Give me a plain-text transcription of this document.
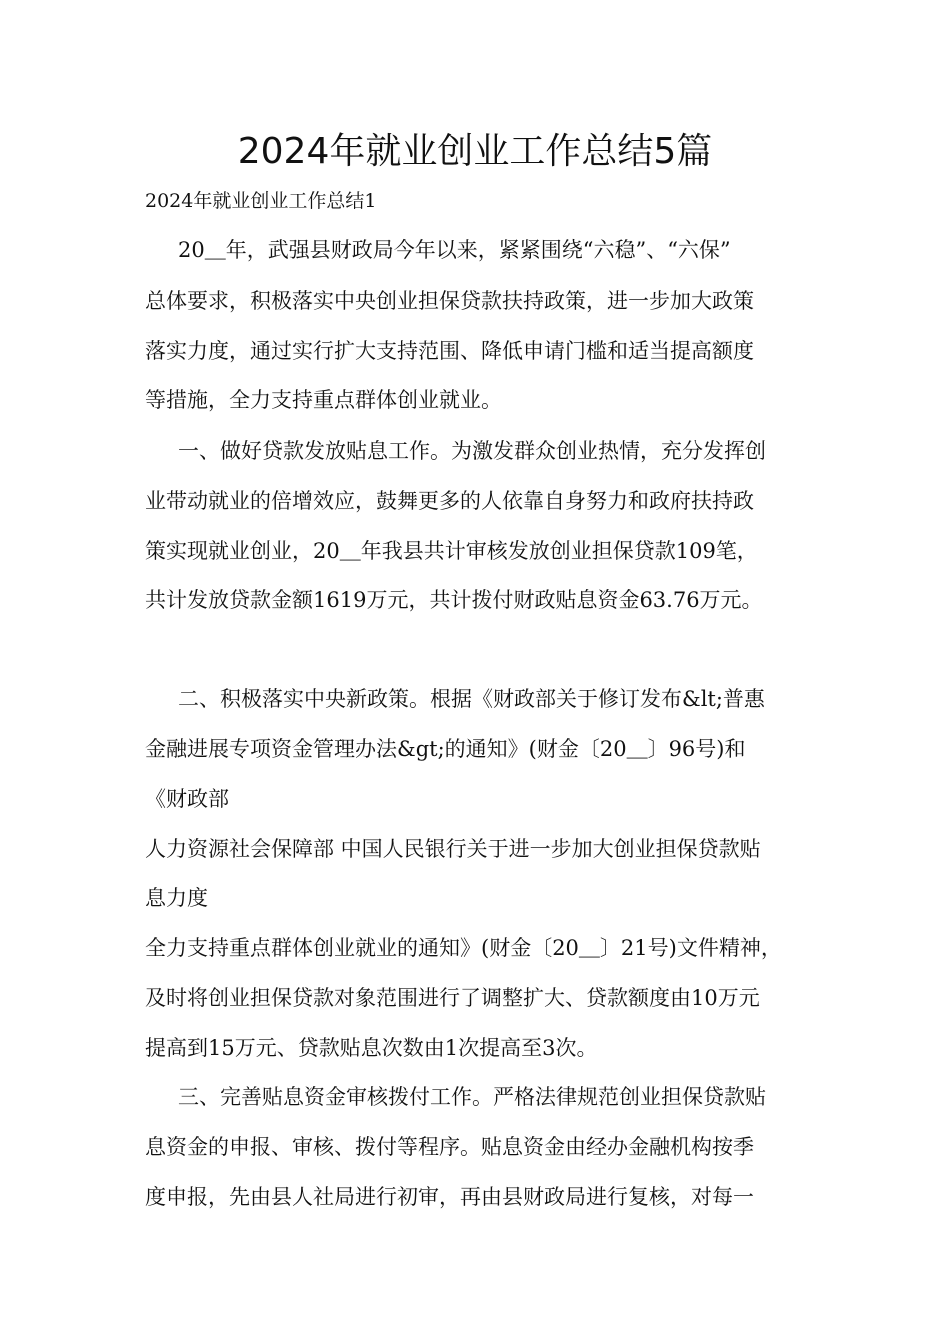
2024年就业创业工作总结5篇
2024年就业创业工作总结1
20＿年，武强县财政局今年以来，紧紧围绕“六稳”、“六保”
总体要求，积极落实中央创业担保贷款扶持政策，进一步加大政策
落实力度，通过实行扩大支持范围、降低申请门槛和适当提高额度
等措施，全力支持重点群体创业就业。
一、做好贷款发放贴息工作。为激发群众创业热情，充分发挥创
业带动就业的倍增效应，鼓舞更多的人依靠自身努力和政府扶持政
策实现就业创业，20＿年我县共计审核发放创业担保贷款109笔，
共计发放贷款金额1619万元，共计拨付财政贴息资金63.76万元。
二、积极落实中央新政策。根据《财政部关于修订发布&lt;普惠
金融进展专项资金管理办法&gt;的通知》(财金〔20＿〕96号)和
《财政部
人力资源社会保障部 中国人民银行关于进一步加大创业担保贷款贴
息力度
全力支持重点群体创业就业的通知》(财金〔20＿〕21号)文件精神，
及时将创业担保贷款对象范围进行了调整扩大、贷款额度由10万元
提高到15万元、贷款贴息次数由1次提高至3次。
三、完善贴息资金审核拨付工作。严格法律规范创业担保贷款贴
息资金的申报、审核、拨付等程序。贴息资金由经办金融机构按季
度申报，先由县人社局进行初审，再由县财政局进行复核，对每一
